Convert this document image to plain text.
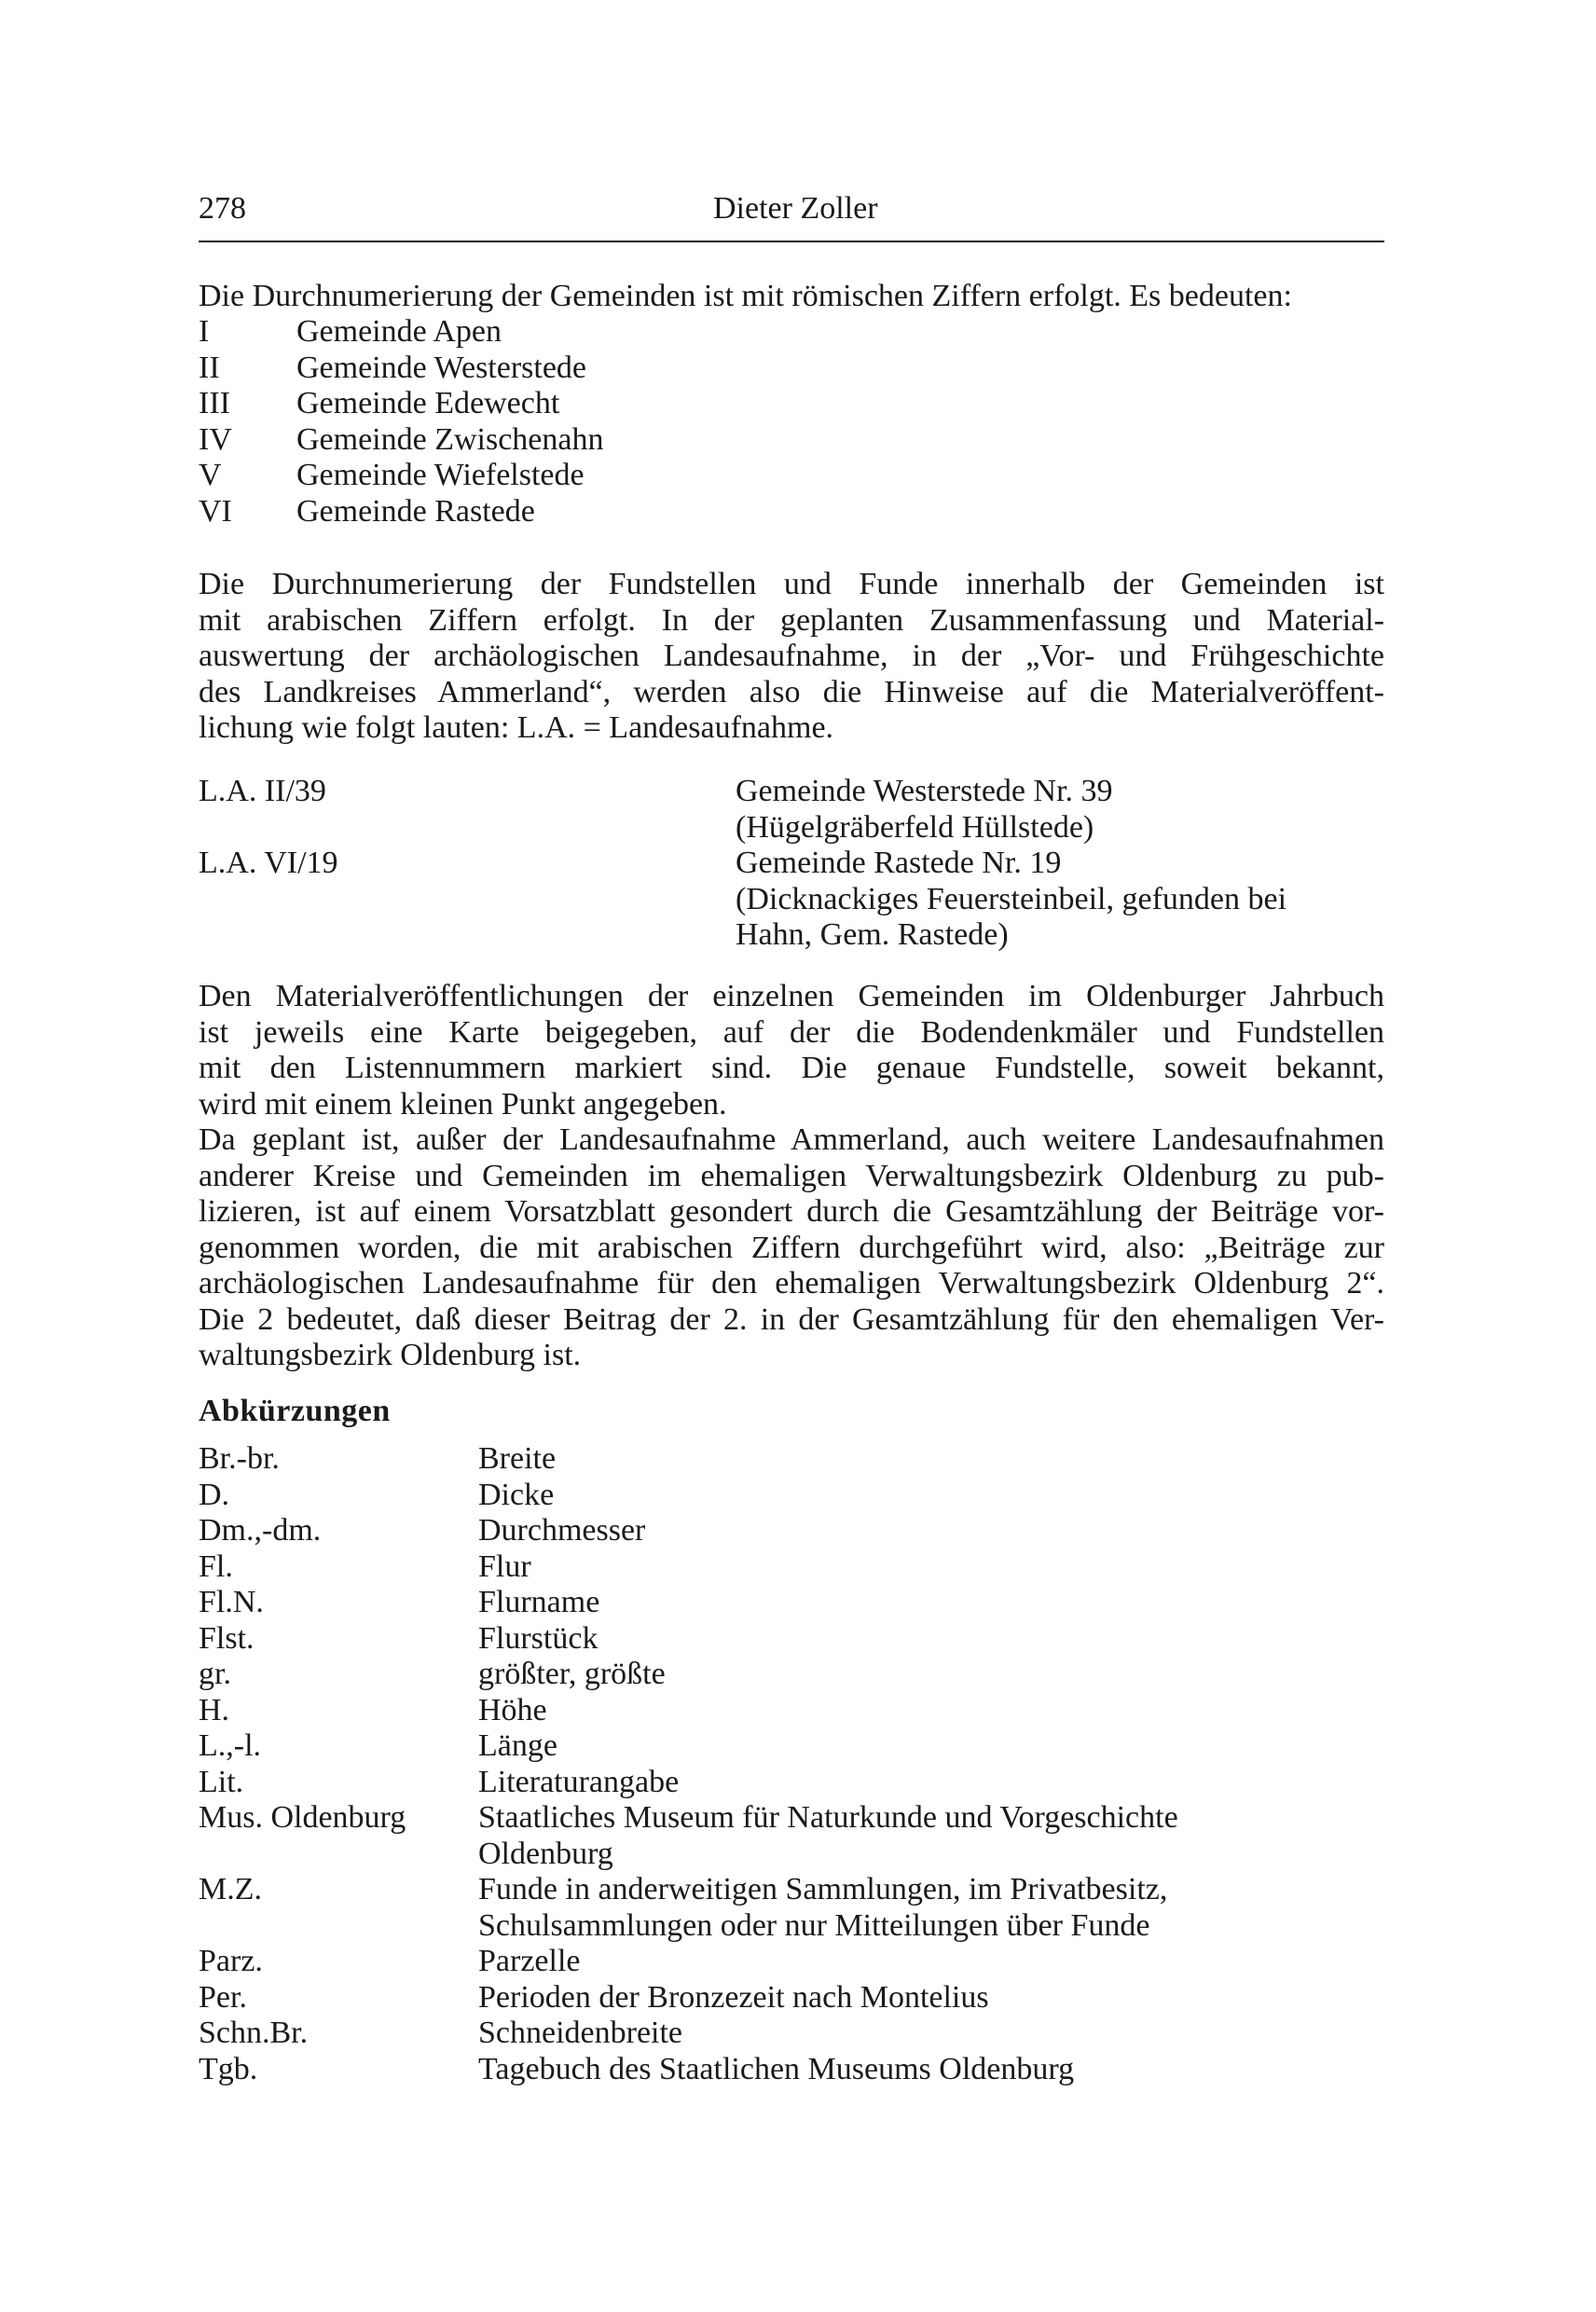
278	Dieter Zoller
Die Durchnumerierung der Gemeinden ist mit römischen Ziffern erfolgt. Es bedeuten:
I	Gemeinde Apen
II	Gemeinde Westerstede
III	Gemeinde Edewecht
IV	Gemeinde Zwischenahn
V	Gemeinde Wiefelstede
VI	Gemeinde Rastede
Die Durchnumerierung der Fundstellen und Funde innerhalb der Gemeinden ist
mit arabischen Ziffern erfolgt. In der geplanten Zusammenfassung und Material-
auswertung der archäologischen Landesaufnahme, in der „Vor- und Frühgeschichte
des Landkreises Ammerland“, werden also die Hinweise auf die Materialveröffent-
lichung wie folgt lauten: L.A. = Landesaufnahme.
L.A. II/39	Gemeinde Westerstede Nr. 39
(Hügelgräberfeld Hüllstede)
L.A. VI/19	Gemeinde Rastede Nr. 19
(Dicknackiges Feuersteinbeil, gefunden bei
Hahn, Gem. Rastede)
Den Materialveröffentlichungen der einzelnen Gemeinden im Oldenburger Jahrbuch
ist jeweils eine Karte beigegeben, auf der die Bodendenkmäler und Fundstellen
mit den Listennummern markiert sind. Die genaue Fundstelle, soweit bekannt,
wird mit einem kleinen Punkt angegeben.
Da geplant ist, außer der Landesaufnahme Ammerland, auch weitere Landesaufnahmen
anderer Kreise und Gemeinden im ehemaligen Verwaltungsbezirk Oldenburg zu pub-
lizieren, ist auf einem Vorsatzblatt gesondert durch die Gesamtzählung der Beiträge vor-
genommen worden, die mit arabischen Ziffern durchgeführt wird, also: „Beiträge zur
archäologischen Landesaufnahme für den ehemaligen Verwaltungsbezirk Oldenburg 2“.
Die 2 bedeutet, daß dieser Beitrag der 2. in der Gesamtzählung für den ehemaligen Ver-
waltungsbezirk Oldenburg ist.
Abkürzungen
Br.-br.	Breite
D.	Dicke
Dm.,-dm.	Durchmesser
Fl.	Flur
Fl.N.	Flurname
Flst.	Flurstück
gr.	größter, größte
H.	Höhe
L.,-l.	Länge
Lit.	Literaturangabe
Mus. Oldenburg	Staatliches Museum für Naturkunde und Vorgeschichte
Oldenburg
M.Z.	Funde in anderweitigen Sammlungen, im Privatbesitz,
Schulsammlungen oder nur Mitteilungen über Funde
Parz.	Parzelle
Per.	Perioden der Bronzezeit nach Montelius
Schn.Br.	Schneidenbreite
Tgb.	Tagebuch des Staatlichen Museums Oldenburg
